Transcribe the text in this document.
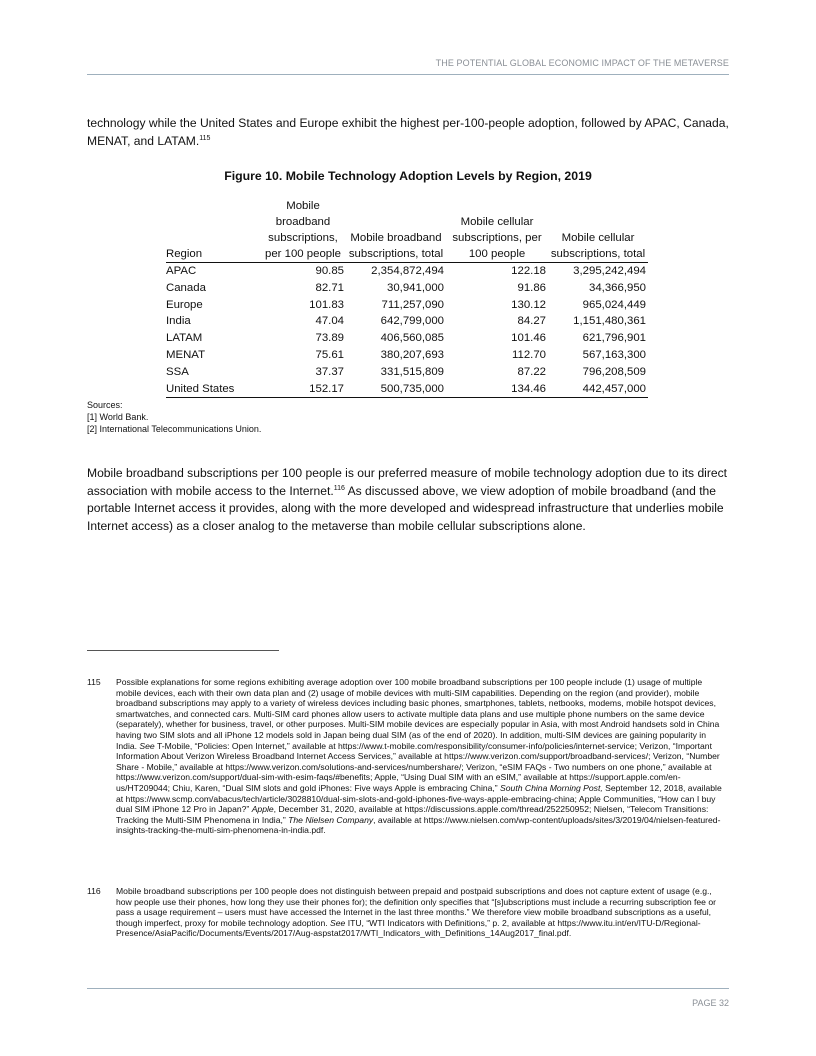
THE POTENTIAL GLOBAL ECONOMIC IMPACT OF THE METAVERSE
technology while the United States and Europe exhibit the highest per-100-people adoption, followed by APAC, Canada, MENAT, and LATAM.$^{115}$
Figure 10. Mobile Technology Adoption Levels by Region, 2019
Region	Mobile broadband subscriptions, per 100 people	Mobile broadband subscriptions, total	Mobile cellular subscriptions, per 100 people	Mobile cellular subscriptions, total
APAC	90.85	2,354,872,494	122.18	3,295,242,494
Canada	82.71	30,941,000	91.86	34,366,950
Europe	101.83	711,257,090	130.12	965,024,449
India	47.04	642,799,000	84.27	1,151,480,361
LATAM	73.89	406,560,085	101.46	621,796,901
MENAT	75.61	380,207,693	112.70	567,163,300
SSA	37.37	331,515,809	87.22	796,208,509
United States	152.17	500,735,000	134.46	442,457,000
Sources:
[1] World Bank.
[2] International Telecommunications Union.
Mobile broadband subscriptions per 100 people is our preferred measure of mobile technology adoption due to its direct association with mobile access to the Internet.$^{116}$ As discussed above, we view adoption of mobile broadband (and the portable Internet access it provides, along with the more developed and widespread infrastructure that underlies mobile Internet access) as a closer analog to the metaverse than mobile cellular subscriptions alone.
115	Possible explanations for some regions exhibiting average adoption over 100 mobile broadband subscriptions per 100 people include (1) usage of multiple mobile devices, each with their own data plan and (2) usage of mobile devices with multi-SIM capabilities. Depending on the region (and provider), mobile broadband subscriptions may apply to a variety of wireless devices including basic phones, smartphones, tablets, netbooks, modems, mobile hotspot devices, smartwatches, and connected cars. Multi-SIM card phones allow users to activate multiple data plans and use multiple phone numbers on the same device (separately), whether for business, travel, or other purposes. Multi-SIM mobile devices are especially popular in Asia, with most Android handsets sold in China having two SIM slots and all iPhone 12 models sold in Japan being dual SIM (as of the end of 2020). In addition, multi-SIM devices are gaining popularity in India. See T-Mobile, “Policies: Open Internet,” available at https://www.t-mobile.com/responsibility/consumer-info/policies/internet-service; Verizon, “Important Information About Verizon Wireless Broadband Internet Access Services,” available at https://www.verizon.com/support/broadband-services/; Verizon, “Number Share - Mobile,” available at https://www.verizon.com/solutions-and-services/numbershare/; Verizon, “eSIM FAQs - Two numbers on one phone,” available at https://www.verizon.com/support/dual-sim-with-esim-faqs/#benefits; Apple, “Using Dual SIM with an eSIM,” available at https://support.apple.com/en-us/HT209044; Chiu, Karen, “Dual SIM slots and gold iPhones: Five ways Apple is embracing China,” South China Morning Post, September 12, 2018, available at https://www.scmp.com/abacus/tech/article/3028810/dual-sim-slots-and-gold-iphones-five-ways-apple-embracing-china; Apple Communities, “How can I buy dual SIM iPhone 12 Pro in Japan?” Apple, December 31, 2020, available at https://discussions.apple.com/thread/252250952; Nielsen, “Telecom Transitions: Tracking the Multi-SIM Phenomena in India,” The Nielsen Company, available at https://www.nielsen.com/wp-content/uploads/sites/3/2019/04/nielsen-featured-insights-tracking-the-multi-sim-phenomena-in-india.pdf.
116	Mobile broadband subscriptions per 100 people does not distinguish between prepaid and postpaid subscriptions and does not capture extent of usage (e.g., how people use their phones, how long they use their phones for); the definition only specifies that “[s]ubscriptions must include a recurring subscription fee or pass a usage requirement – users must have accessed the Internet in the last three months.” We therefore view mobile broadband subscriptions as a useful, though imperfect, proxy for mobile technology adoption. See ITU, “WTI Indicators with Definitions,” p. 2, available at https://www.itu.int/en/ITU-D/Regional-Presence/AsiaPacific/Documents/Events/2017/Aug-aspstat2017/WTI_Indicators_with_Definitions_14Aug2017_final.pdf.
PAGE 32
